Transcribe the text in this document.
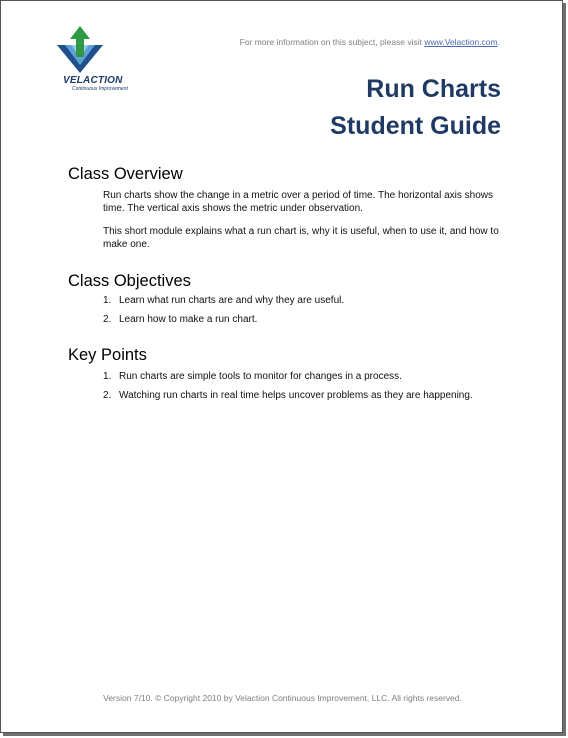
VELACTION
Continuous Improvement
For more information on this subject, please visit www.Velaction.com.
Run Charts
Student Guide
Class Overview

Run charts show the change in a metric over a period of time. The horizontal axis shows time. The vertical axis shows the metric under observation.

This short module explains what a run chart is, why it is useful, when to use it, and how to make one.

Class Objectives
1. Learn what run charts are and why they are useful.
2. Learn how to make a run chart.
Key Points
1. Run charts are simple tools to monitor for changes in a process.
2. Watching run charts in real time helps uncover problems as they are happening.
Version 7/10. © Copyright 2010 by Velaction Continuous Improvement, LLC. All rights reserved.
